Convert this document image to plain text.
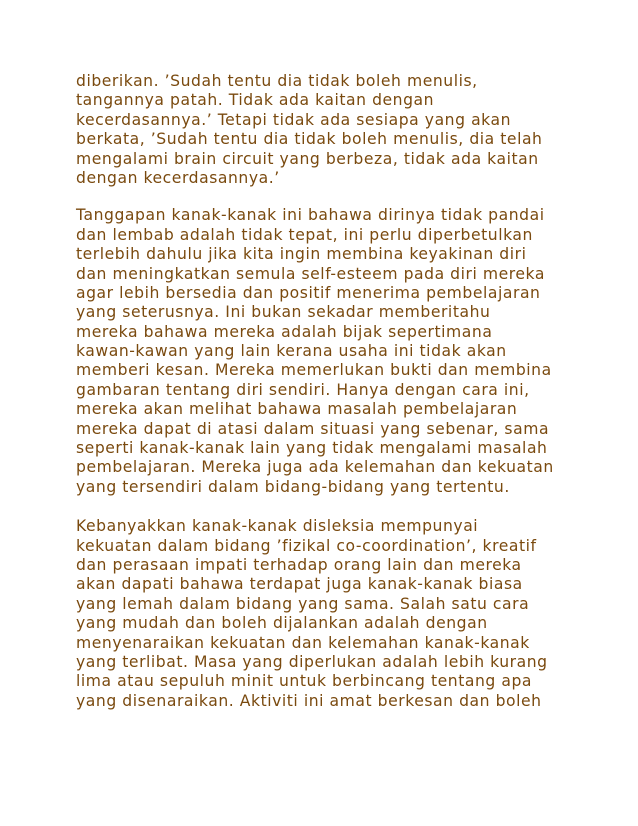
diberikan. ’Sudah tentu dia tidak boleh menulis,
tangannya patah. Tidak ada kaitan dengan
kecerdasannya.’ Tetapi tidak ada sesiapa yang akan
berkata, ’Sudah tentu dia tidak boleh menulis, dia telah
mengalami brain circuit yang berbeza, tidak ada kaitan
dengan kecerdasannya.’

Tanggapan kanak-kanak ini bahawa dirinya tidak pandai
dan lembab adalah tidak tepat, ini perlu diperbetulkan
terlebih dahulu jika kita ingin membina keyakinan diri
dan meningkatkan semula self-esteem pada diri mereka
agar lebih bersedia dan positif menerima pembelajaran
yang seterusnya. Ini bukan sekadar memberitahu
mereka bahawa mereka adalah bijak sepertimana
kawan-kawan yang lain kerana usaha ini tidak akan
memberi kesan. Mereka memerlukan bukti dan membina
gambaran tentang diri sendiri. Hanya dengan cara ini,
mereka akan melihat bahawa masalah pembelajaran
mereka dapat di atasi dalam situasi yang sebenar, sama
seperti kanak-kanak lain yang tidak mengalami masalah
pembelajaran. Mereka juga ada kelemahan dan kekuatan
yang tersendiri dalam bidang-bidang yang tertentu.

Kebanyakkan kanak-kanak disleksia mempunyai
kekuatan dalam bidang ’fizikal co-coordination’, kreatif
dan perasaan impati terhadap orang lain dan mereka
akan dapati bahawa terdapat juga kanak-kanak biasa
yang lemah dalam bidang yang sama. Salah satu cara
yang mudah dan boleh dijalankan adalah dengan
menyenaraikan kekuatan dan kelemahan kanak-kanak
yang terlibat. Masa yang diperlukan adalah lebih kurang
lima atau sepuluh minit untuk berbincang tentang apa
yang disenaraikan. Aktiviti ini amat berkesan dan boleh
